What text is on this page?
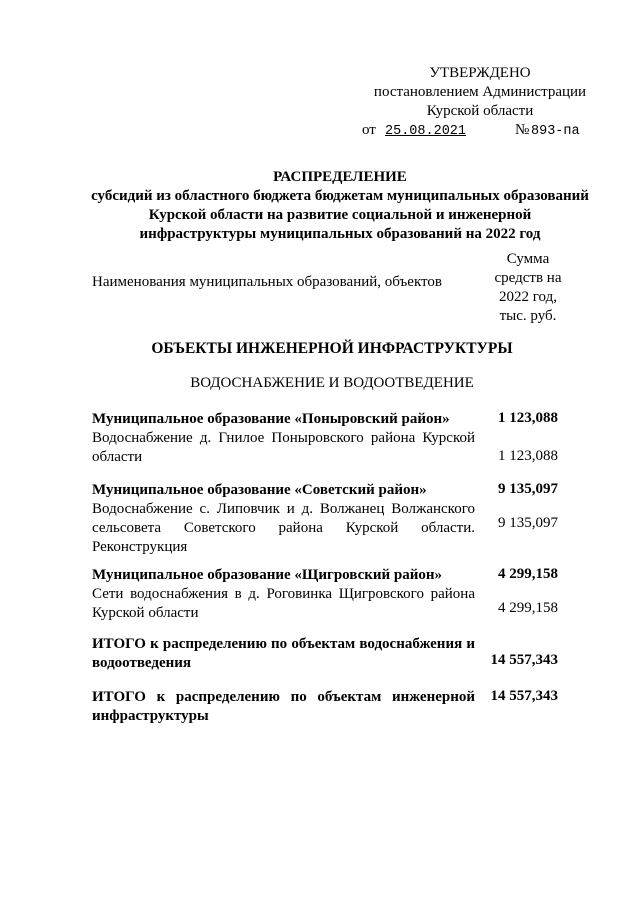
УТВЕРЖДЕНО
постановлением Администрации
Курской области
от 25.08.2021	№ 893-па
РАСПРЕДЕЛЕНИЕ
субсидий из областного бюджета бюджетам муниципальных образований Курской области на развитие социальной и инженерной инфраструктуры муниципальных образований на 2022 год
Наименования муниципальных образований, объектов
Сумма
средств на
2022 год,
тыс. руб.
ОБЪЕКТЫ ИНЖЕНЕРНОЙ ИНФРАСТРУКТУРЫ
ВОДОСНАБЖЕНИЕ И ВОДООТВЕДЕНИЕ
Муниципальное образование «Поныровский район»
Водоснабжение д. Гнилое Поныровского района Курской области
1 123,088
1 123,088
Муниципальное образование «Советский район»
Водоснабжение с. Липовчик и д. Волжанец Волжанского сельсовета Советского района Курской области. Реконструкция
9 135,097
9 135,097
Муниципальное образование «Щигровский район»
Сети водоснабжения в д. Роговинка Щигровского района Курской области
4 299,158
4 299,158
ИТОГО к распределению по объектам водоснабжения и водоотведения	14 557,343
ИТОГО к распределению по объектам инженерной инфраструктуры
14 557,343
